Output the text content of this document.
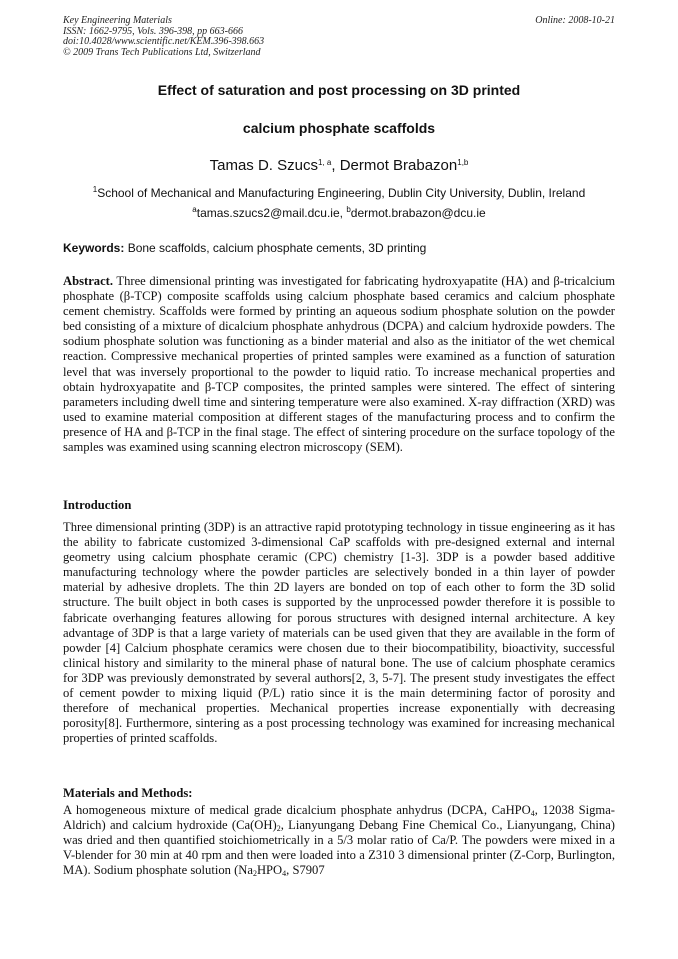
Key Engineering Materials
ISSN: 1662-9795, Vols. 396-398, pp 663-666
doi:10.4028/www.scientific.net/KEM.396-398.663
© 2009 Trans Tech Publications Ltd, Switzerland
Online: 2008-10-21
Effect of saturation and post processing on 3D printed
calcium phosphate scaffolds
Tamas D. Szucs$^{1, a}$, Dermot Brabazon$^{1,b}$
$^1$School of Mechanical and Manufacturing Engineering, Dublin City University, Dublin, Ireland
$^a$tamas.szucs2@mail.dcu.ie, $^b$dermot.brabazon@dcu.ie
Keywords: Bone scaffolds, calcium phosphate cements, 3D printing
Abstract. Three dimensional printing was investigated for fabricating hydroxyapatite (HA) and β-tricalcium phosphate (β-TCP) composite scaffolds using calcium phosphate based ceramics and calcium phosphate cement chemistry. Scaffolds were formed by printing an aqueous sodium phosphate solution on the powder bed consisting of a mixture of dicalcium phosphate anhydrous (DCPA) and calcium hydroxide powders. The sodium phosphate solution was functioning as a binder material and also as the initiator of the wet chemical reaction. Compressive mechanical properties of printed samples were examined as a function of saturation level that was inversely proportional to the powder to liquid ratio. To increase mechanical properties and obtain hydroxyapatite and β-TCP composites, the printed samples were sintered. The effect of sintering parameters including dwell time and sintering temperature were also examined. X-ray diffraction (XRD) was used to examine material composition at different stages of the manufacturing process and to confirm the presence of HA and β-TCP in the final stage. The effect of sintering procedure on the surface topology of the samples was examined using scanning electron microscopy (SEM).
Introduction
Three dimensional printing (3DP) is an attractive rapid prototyping technology in tissue engineering as it has the ability to fabricate customized 3-dimensional CaP scaffolds with pre-designed external and internal geometry using calcium phosphate ceramic (CPC) chemistry [1-3]. 3DP is a powder based additive manufacturing technology where the powder particles are selectively bonded in a thin layer of powder material by adhesive droplets. The thin 2D layers are bonded on top of each other to form the 3D solid structure. The built object in both cases is supported by the unprocessed powder therefore it is possible to fabricate overhanging features allowing for porous structures with designed internal architecture. A key advantage of 3DP is that a large variety of materials can be used given that they are available in the form of powder [4] Calcium phosphate ceramics were chosen due to their biocompatibility, bioactivity, successful clinical history and similarity to the mineral phase of natural bone. The use of calcium phosphate ceramics for 3DP was previously demonstrated by several authors[2, 3, 5-7]. The present study investigates the effect of cement powder to mixing liquid (P/L) ratio since it is the main determining factor of porosity and therefore of mechanical properties. Mechanical properties increase exponentially with decreasing porosity[8]. Furthermore, sintering as a post processing technology was examined for increasing mechanical properties of printed scaffolds.
Materials and Methods:
A homogeneous mixture of medical grade dicalcium phosphate anhydrus (DCPA, CaHPO$_4$, 12038 Sigma-Aldrich) and calcium hydroxide ($Ca(OH)_2$, Lianyungang Debang Fine Chemical Co., Lianyungang, China) was dried and then quantified stoichiometrically in a 5/3 molar ratio of Ca/P. The powders were mixed in a V-blender for 30 min at 40 rpm and then were loaded into a Z310 3 dimensional printer (Z-Corp, Burlington, MA). Sodium phosphate solution ($Na_2HPO_4$, S7907
